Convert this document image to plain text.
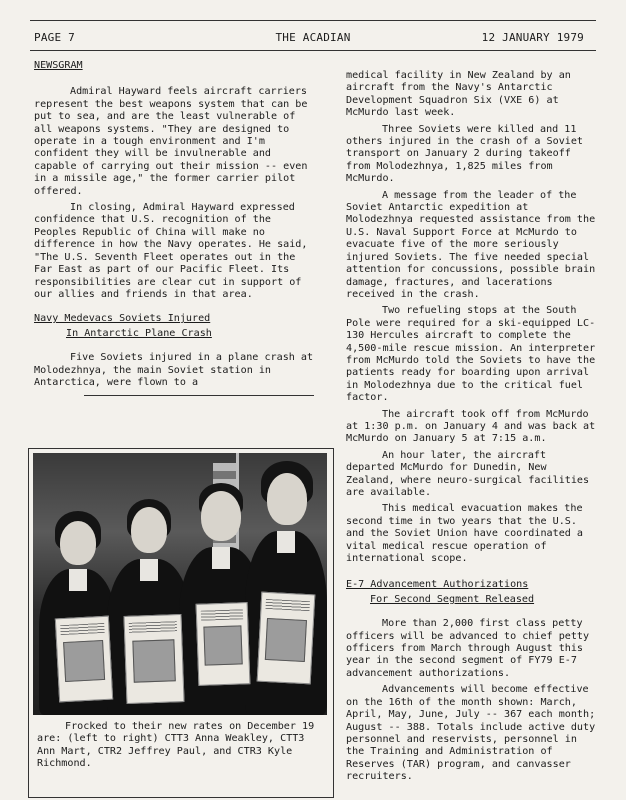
PAGE 7	THE ACADIAN	12 JANUARY 1979
NEWSGRAM

Admiral Hayward feels aircraft carriers represent the best weapons system that can be put to sea, and are the least vulnerable of all weapons systems. "They are designed to operate in a tough environment and I'm confident they will be invulnerable and capable of carrying out their mission -- even in a missile age," the former carrier pilot offered.

In closing, Admiral Hayward expressed confidence that U.S. recognition of the Peoples Republic of China will make no difference in how the Navy operates. He said, "The U.S. Seventh Fleet operates out in the Far East as part of our Pacific Fleet. Its responsibilities are clear cut in support of our allies and friends in that area.

Navy Medevacs Soviets Injured
In Antarctic Plane Crash

Five Soviets injured in a plane crash at Molodezhnya, the main Soviet station in Antarctica, were flown to a

medical facility in New Zealand by an aircraft from the Navy's Antarctic Development Squadron Six (VXE 6) at McMurdo last week.

Three Soviets were killed and 11 others injured in the crash of a Soviet transport on January 2 during takeoff from Molodezhnya, 1,825 miles from McMurdo.

A message from the leader of the Soviet Antarctic expedition at Molodezhnya requested assistance from the U.S. Naval Support Force at McMurdo to evacuate five of the more seriously injured Soviets. The five needed special attention for concussions, possible brain damage, fractures, and lacerations received in the crash.

Two refueling stops at the South Pole were required for a ski-equipped LC-130 Hercules aircraft to complete the 4,500-mile rescue mission. An interpreter from McMurdo told the Soviets to have the patients ready for boarding upon arrival in Molodezhnya due to the critical fuel factor.

The aircraft took off from McMurdo at 1:30 p.m. on January 4 and was back at McMurdo on January 5 at 7:15 a.m.

An hour later, the aircraft departed McMurdo for Dunedin, New Zealand, where neuro-surgical facilities are available.

This medical evacuation makes the second time in two years that the U.S. and the Soviet Union have coordinated a vital medical rescue operation of international scope.

E-7 Advancement Authorizations
For Second Segment Released

More than 2,000 first class petty officers will be advanced to chief petty officers from March through August this year in the second segment of FY79 E-7 advancement authorizations.

Advancements will become effective on the 16th of the month shown: March, April, May, June, July -- 367 each month; August -- 388. Totals include active duty personnel and reservists, personnel in the Training and Administration of Reserves (TAR) program, and canvasser recruiters.

Frocked to their new rates on December 19 are: (left to right) CTT3 Anna Weakley, CTT3 Ann Mart, CTR2 Jeffrey Paul, and CTR3 Kyle Richmond.
